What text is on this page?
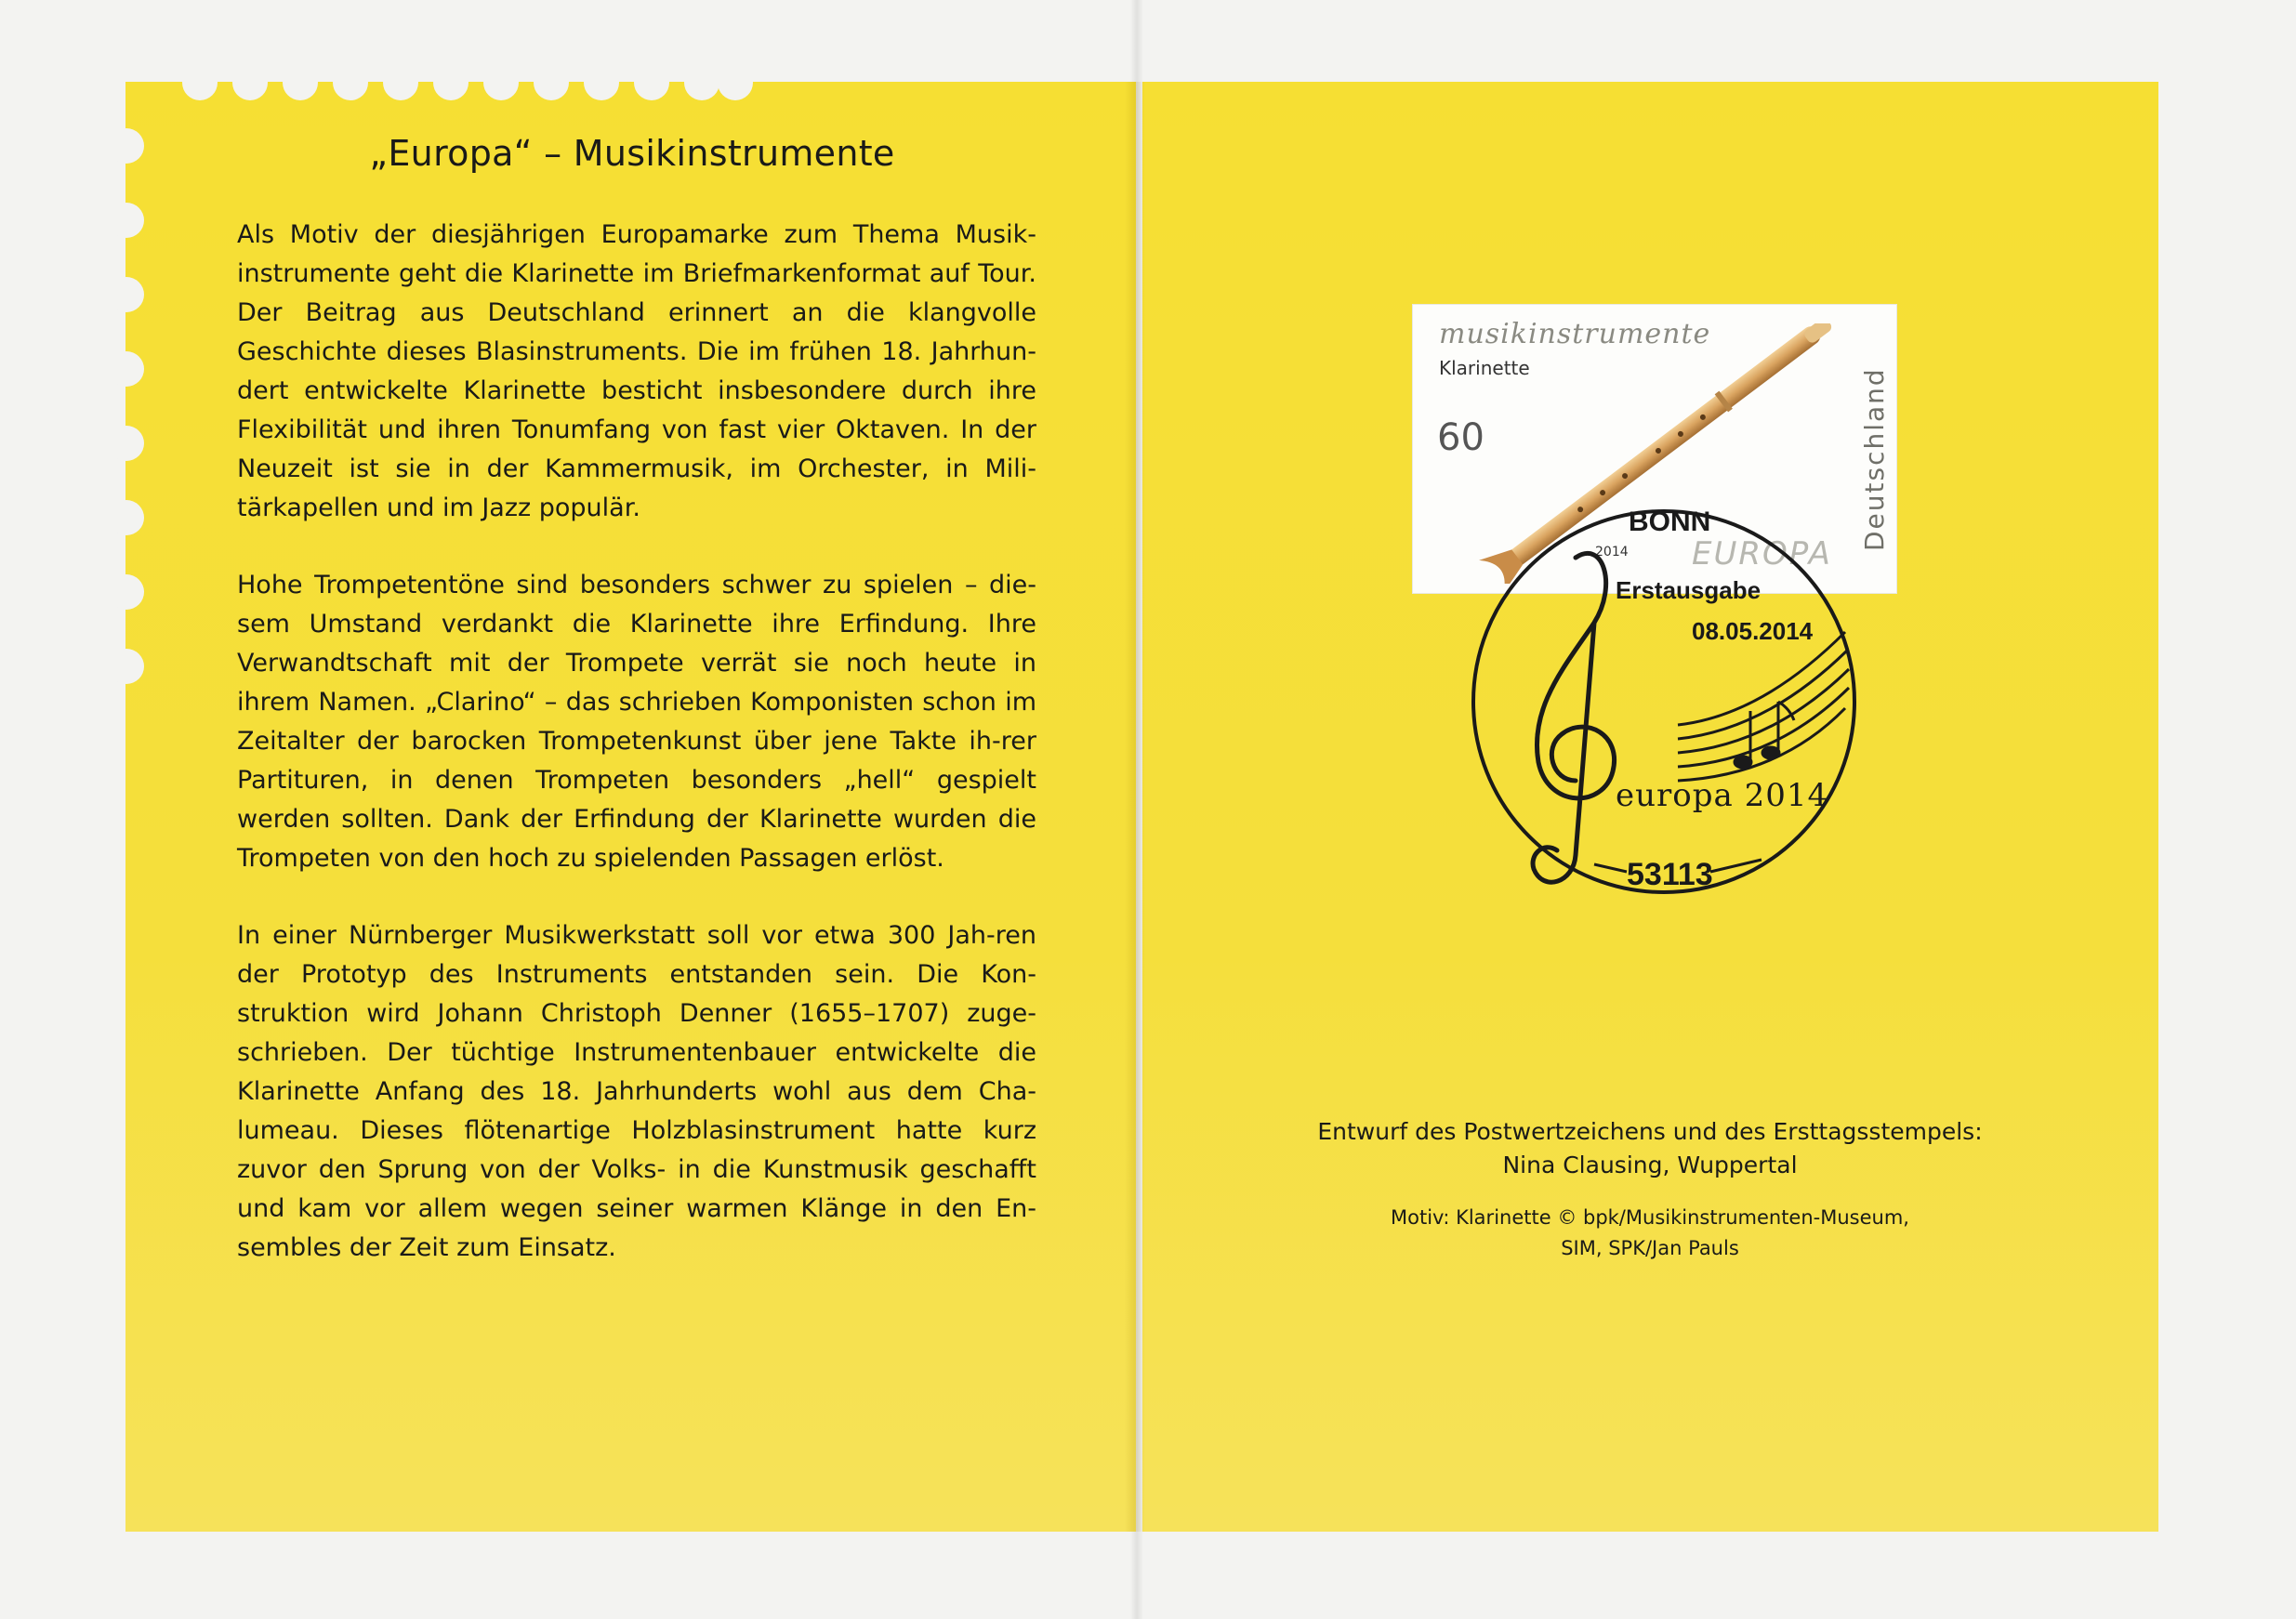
„Europa“ – Musikinstrumente

Als Motiv der diesjährigen Europamarke zum Thema Musik-instrumente geht die Klarinette im Briefmarkenformat auf Tour. Der Beitrag aus Deutschland erinnert an die klangvolle Geschichte dieses Blasinstruments. Die im frühen 18. Jahrhun-dert entwickelte Klarinette besticht insbesondere durch ihre Flexibilität und ihren Tonumfang von fast vier Oktaven. In der Neuzeit ist sie in der Kammermusik, im Orchester, in Mili-tärkapellen und im Jazz populär.

Hohe Trompetentöne sind besonders schwer zu spielen – die-sem Umstand verdankt die Klarinette ihre Erfindung. Ihre Verwandtschaft mit der Trompete verrät sie noch heute in ihrem Namen. „Clarino“ – das schrieben Komponisten schon im Zeitalter der barocken Trompetenkunst über jene Takte ih-rer Partituren, in denen Trompeten besonders „hell“ gespielt werden sollten. Dank der Erfindung der Klarinette wurden die Trompeten von den hoch zu spielenden Passagen erlöst.

In einer Nürnberger Musikwerkstatt soll vor etwa 300 Jah-ren der Prototyp des Instruments entstanden sein. Die Kon-struktion wird Johann Christoph Denner (1655–1707) zuge-schrieben. Der tüchtige Instrumentenbauer entwickelte die Klarinette Anfang des 18. Jahrhunderts wohl aus dem Cha-lumeau. Dieses flötenartige Holzblasinstrument hatte kurz zuvor den Sprung von der Volks- in die Kunstmusik geschafft und kam vor allem wegen seiner warmen Klänge in den En-sembles der Zeit zum Einsatz.

musikinstrumente
Klarinette
60
2014 EUROPA
Deutschland
BONN
Erstausgabe
08.05.2014
europa 2014
53113
Entwurf des Postwertzeichens und des Ersttagsstempels:
Nina Clausing, Wuppertal
Motiv: Klarinette © bpk/Musikinstrumenten-Museum,
SIM, SPK/Jan Pauls
